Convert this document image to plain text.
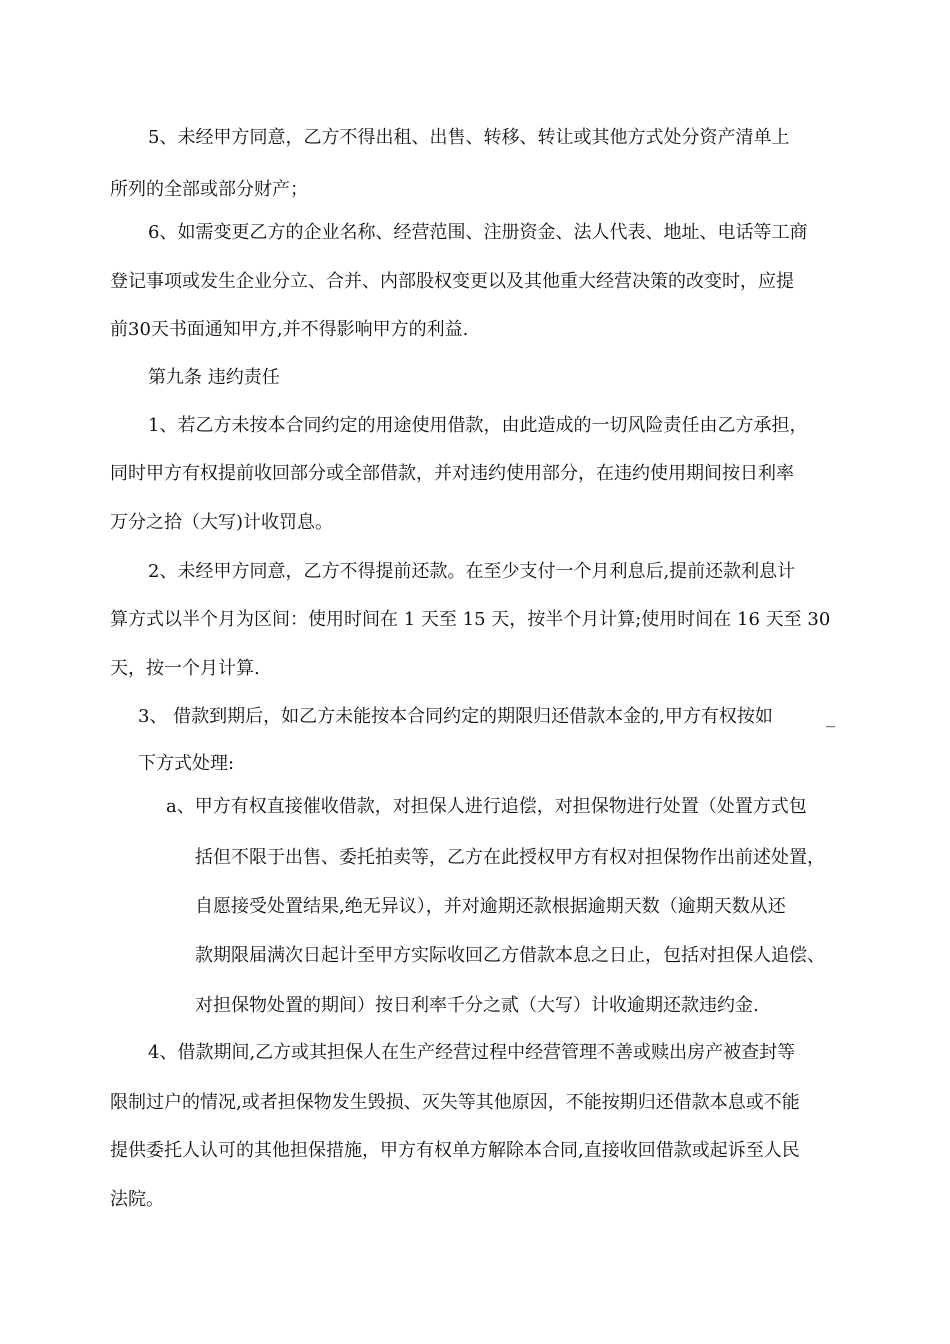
5、未经甲方同意，乙方不得出租、出售、转移、转让或其他方式处分资产清单上
所列的全部或部分财产；
6、如需变更乙方的企业名称、经营范围、注册资金、法人代表、地址、电话等工商
登记事项或发生企业分立、合并、内部股权变更以及其他重大经营决策的改变时，应提
前30天书面通知甲方,并不得影响甲方的利益.
第九条 违约责任
1、若乙方未按本合同约定的用途使用借款，由此造成的一切风险责任由乙方承担，
同时甲方有权提前收回部分或全部借款，并对违约使用部分，在违约使用期间按日利率
万分之拾（大写)计收罚息。
2、未经甲方同意，乙方不得提前还款。在至少支付一个月利息后,提前还款利息计
算方式以半个月为区间：使用时间在 1 天至 15 天，按半个月计算;使用时间在 16 天至 30
天，按一个月计算.
3、 借款到期后，如乙方未能按本合同约定的期限归还借款本金的,甲方有权按如	_
下方式处理:
a、甲方有权直接催收借款，对担保人进行追偿，对担保物进行处置（处置方式包
括但不限于出售、委托拍卖等，乙方在此授权甲方有权对担保物作出前述处置，
自愿接受处置结果,绝无异议），并对逾期还款根据逾期天数（逾期天数从还
款期限届满次日起计至甲方实际收回乙方借款本息之日止，包括对担保人追偿、
对担保物处置的期间）按日利率千分之贰（大写）计收逾期还款违约金.
4、借款期间,乙方或其担保人在生产经营过程中经营管理不善或赎出房产被查封等
限制过户的情况,或者担保物发生毁损、灭失等其他原因，不能按期归还借款本息或不能
提供委托人认可的其他担保措施，甲方有权单方解除本合同,直接收回借款或起诉至人民
法院。
